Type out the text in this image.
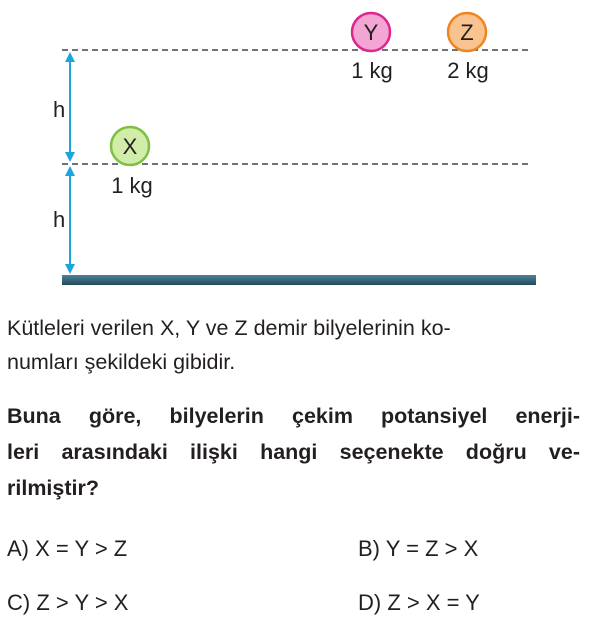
h
h
Y
1 kg
Z
2 kg
X
1 kg
Kütleleri verilen X, Y ve Z demir bilyelerinin ko-
numları şekildeki gibidir.
Buna göre, bilyelerin çekim potansiyel enerji-
leri arasındaki ilişki hangi seçenekte doğru ve-
rilmiştir?
A) X = Y > Z	B) Y = Z > X
C) Z > Y > X	D) Z > X = Y
